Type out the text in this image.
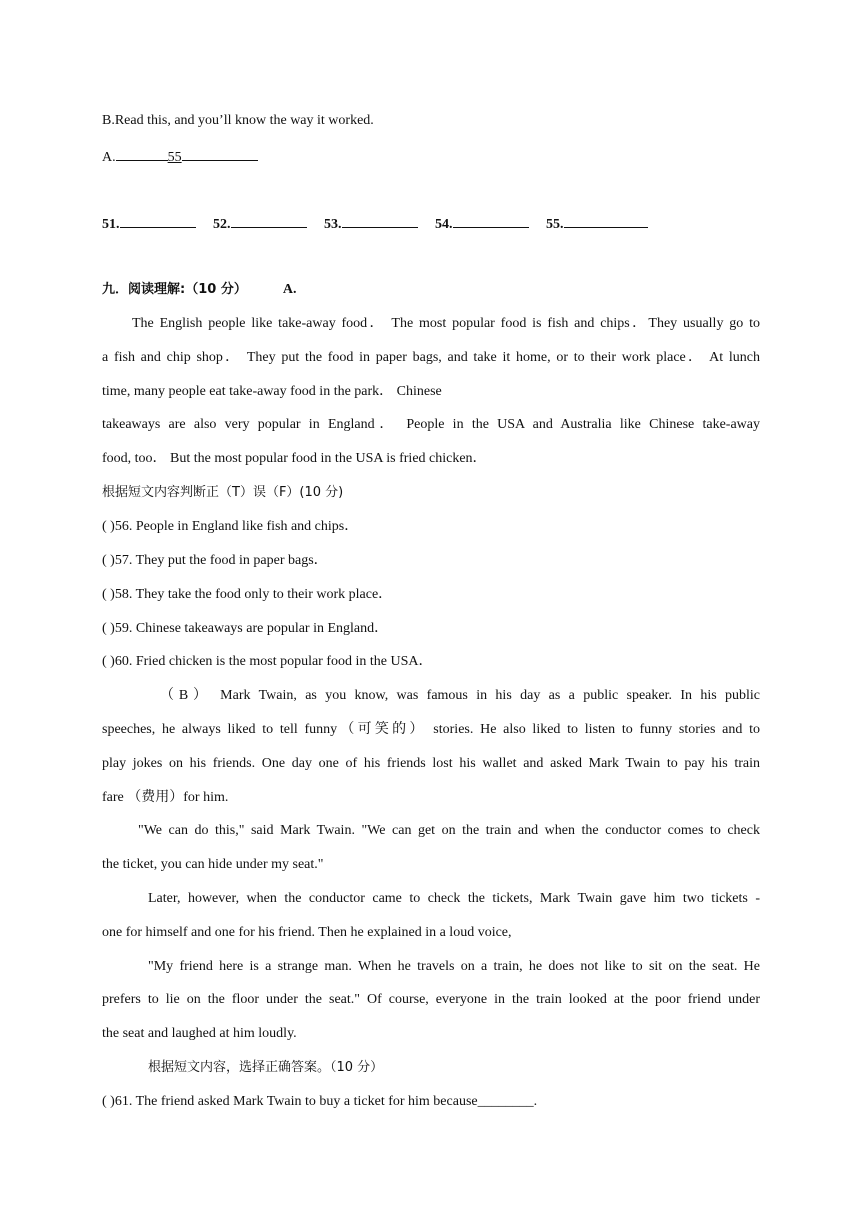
B.Read this, and you’ll know the way it worked.
A.	55
51.	52.	53.	54.	55.
九．阅读理解:（10 分）	A.
The English people like take-away food． The most popular food is fish and chips．They usually go to
a fish and chip shop． They put the food in paper bags, and take it home, or to their work place． At lunch
time, many people eat take-away food in the park． Chinese
takeaways are also very popular in England． People in the USA and Australia like Chinese take-away
food, too． But the most popular food in the USA is fried chicken．
根据短文内容判断正（T）误（F）(10 分)
( )56. People in England like fish and chips．
( )57. They put the food in paper bags．
( )58. They take the food only to their work place．
( )59. Chinese takeaways are popular in England．
( )60. Fried chicken is the most popular food in the USA．
（B） Mark Twain, as you know, was famous in his day as a public speaker. In his public
speeches, he always liked to tell funny（可笑的） stories. He also liked to listen to funny stories and to
play jokes on his friends. One day one of his friends lost his wallet and asked Mark Twain to pay his train
fare （费用）for him.
"We can do this," said Mark Twain. "We can get on the train and when the conductor comes to check
the ticket, you can hide under my seat."
Later, however, when the conductor came to check the tickets, Mark Twain gave him two tickets -
one for himself and one for his friend. Then he explained in a loud voice,
"My friend here is a strange man. When he travels on a train, he does not like to sit on the seat. He
prefers to lie on the floor under the seat." Of course, everyone in the train looked at the poor friend under
the seat and laughed at him loudly.
根据短文内容，选择正确答案。（10 分）
( )61. The friend asked Mark Twain to buy a ticket for him because________.
